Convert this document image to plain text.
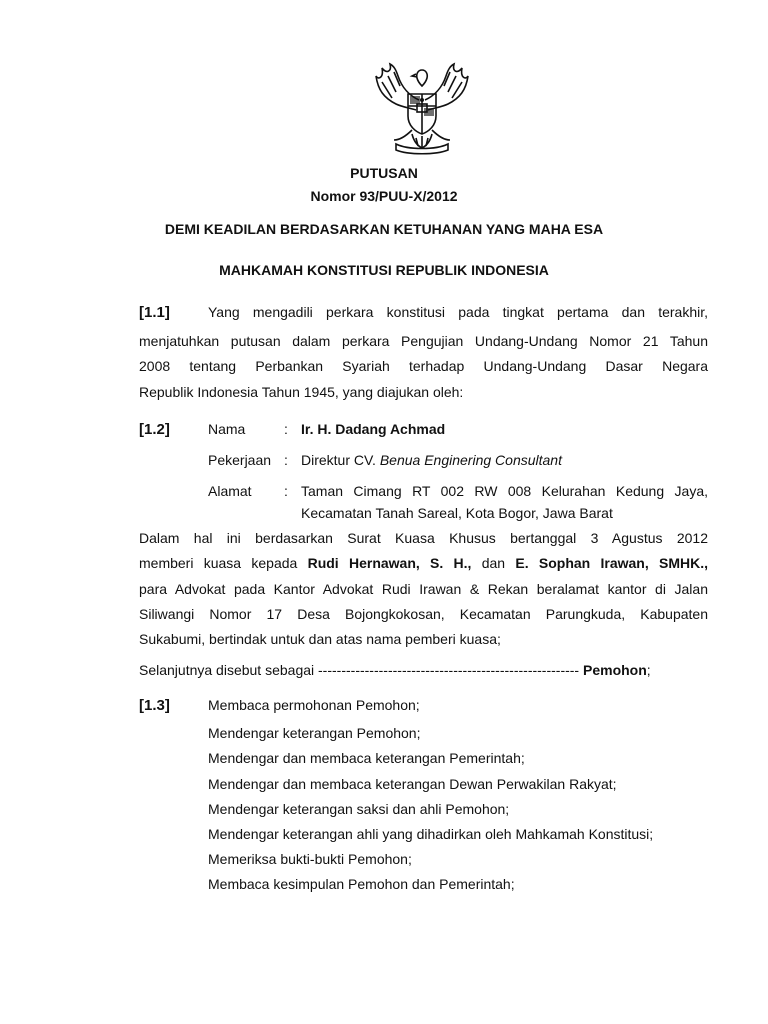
PUTUSAN
Nomor 93/PUU-X/2012
DEMI KEADILAN BERDASARKAN KETUHANAN YANG MAHA ESA
MAHKAMAH KONSTITUSI REPUBLIK INDONESIA
[1.1]	Yang mengadili perkara konstitusi pada tingkat pertama dan terakhir,
menjatuhkan putusan dalam perkara Pengujian Undang-Undang Nomor 21 Tahun
2008 tentang Perbankan Syariah terhadap Undang-Undang Dasar Negara
Republik Indonesia Tahun 1945, yang diajukan oleh:
[1.2]	Nama	: Ir. H. Dadang Achmad
Pekerjaan : Direktur CV. Benua Enginering Consultant
Alamat : Taman Cimang RT 002 RW 008 Kelurahan Kedung Jaya,
Kecamatan Tanah Sareal, Kota Bogor, Jawa Barat
Dalam hal ini berdasarkan Surat Kuasa Khusus bertanggal 3 Agustus 2012
memberi kuasa kepada Rudi Hernawan, S. H., dan E. Sophan Irawan, SMHK.,
para Advokat pada Kantor Advokat Rudi Irawan & Rekan beralamat kantor di Jalan
Siliwangi Nomor 17 Desa Bojongkokosan, Kecamatan Parungkuda, Kabupaten
Sukabumi, bertindak untuk dan atas nama pemberi kuasa;
Selanjutnya disebut sebagai -------------------------------------------------------- Pemohon;
[1.3]	Membaca permohonan Pemohon;
Mendengar keterangan Pemohon;
Mendengar dan membaca keterangan Pemerintah;
Mendengar dan membaca keterangan Dewan Perwakilan Rakyat;
Mendengar keterangan saksi dan ahli Pemohon;
Mendengar keterangan ahli yang dihadirkan oleh Mahkamah Konstitusi;
Memeriksa bukti-bukti Pemohon;
Membaca kesimpulan Pemohon dan Pemerintah;
